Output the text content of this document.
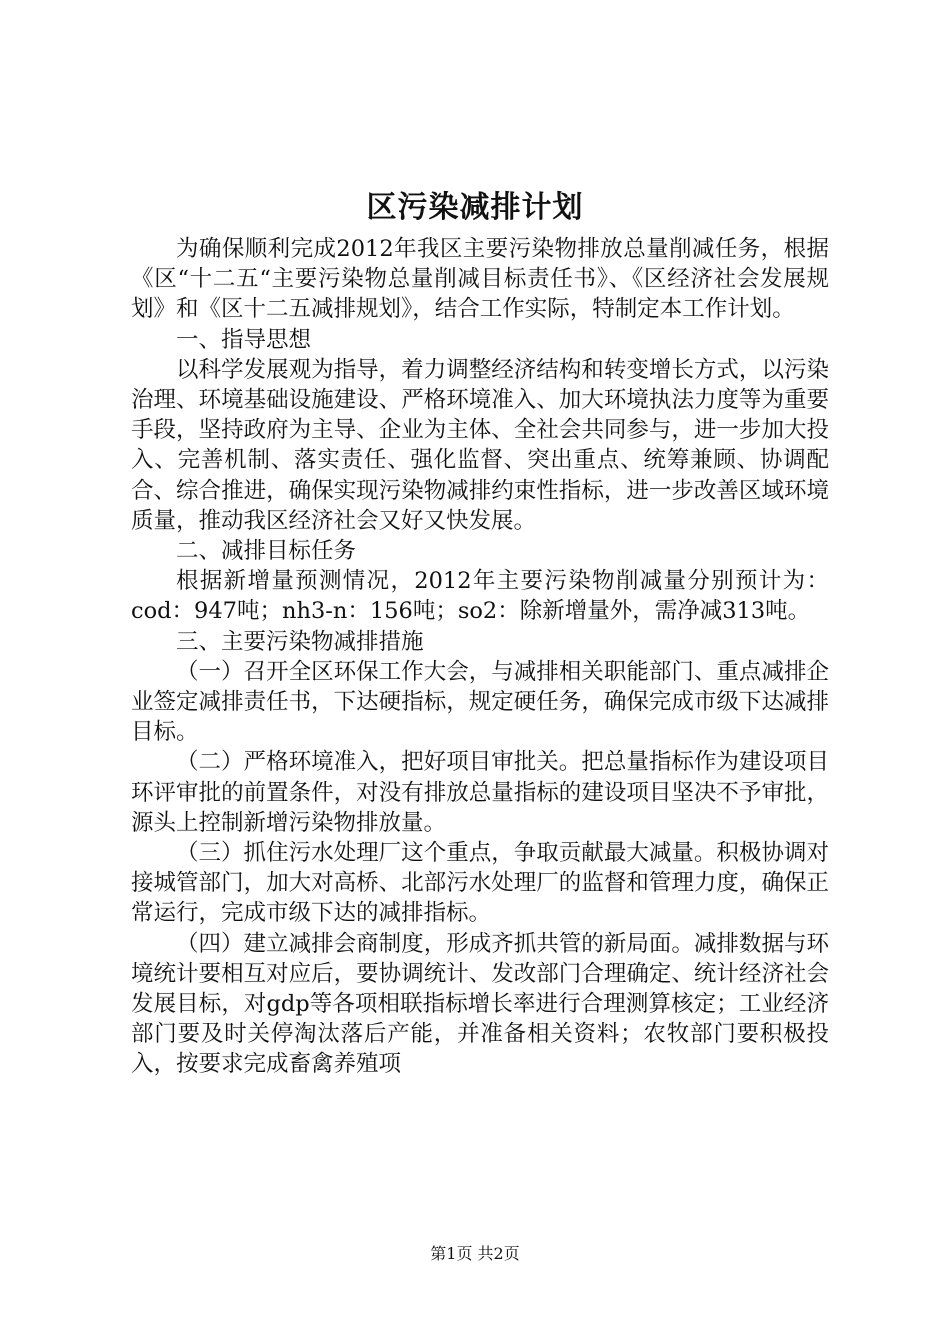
区污染减排计划

为确保顺利完成2012年我区主要污染物排放总量削减任务，根据《区“十二五“主要污染物总量削减目标责任书》、《区经济社会发展规划》和《区十二五减排规划》，结合工作实际，特制定本工作计划。

一、指导思想

以科学发展观为指导，着力调整经济结构和转变增长方式，以污染治理、环境基础设施建设、严格环境准入、加大环境执法力度等为重要手段，坚持政府为主导、企业为主体、全社会共同参与，进一步加大投入、完善机制、落实责任、强化监督、突出重点、统筹兼顾、协调配合、综合推进，确保实现污染物减排约束性指标，进一步改善区域环境质量，推动我区经济社会又好又快发展。

二、减排目标任务

根据新增量预测情况，2012年主要污染物削减量分别预计为：cod：947吨；nh3-n：156吨；so2：除新增量外，需净减313吨。

三、主要污染物减排措施

（一）召开全区环保工作大会，与减排相关职能部门、重点减排企业签定减排责任书，下达硬指标，规定硬任务，确保完成市级下达减排目标。

（二）严格环境准入，把好项目审批关。把总量指标作为建设项目环评审批的前置条件，对没有排放总量指标的建设项目坚决不予审批，源头上控制新增污染物排放量。

（三）抓住污水处理厂这个重点，争取贡献最大减量。积极协调对接城管部门，加大对高桥、北部污水处理厂的监督和管理力度，确保正常运行，完成市级下达的减排指标。

（四）建立减排会商制度，形成齐抓共管的新局面。减排数据与环境统计要相互对应后，要协调统计、发改部门合理确定、统计经济社会发展目标，对gdp等各项相联指标增长率进行合理测算核定；工业经济部门要及时关停淘汰落后产能，并准备相关资料；农牧部门要积极投入，按要求完成畜禽养殖项

第1页 共2页
